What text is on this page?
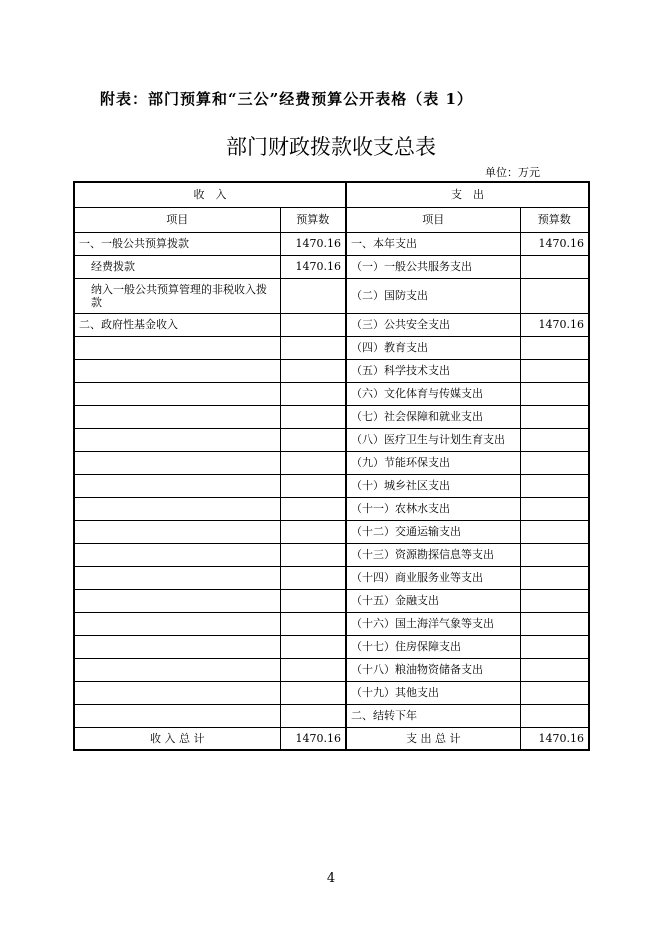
附表：部门预算和“三公”经费预算公开表格（表 1）
部门财政拨款收支总表
单位：万元
收　入		支　出	
项目	预算数	项目	预算数
一、一般公共预算拨款	1470.16	一、本年支出	1470.16
经费拨款	1470.16	（一）一般公共服务支出	
纳入一般公共预算管理的非税收入拨款		（二）国防支出	
二、政府性基金收入		（三）公共安全支出	1470.16
		（四）教育支出	
		（五）科学技术支出	
		（六）文化体育与传媒支出	
		（七）社会保障和就业支出	
		（八）医疗卫生与计划生育支出	
		（九）节能环保支出	
		（十）城乡社区支出	
		（十一）农林水支出	
		（十二）交通运输支出	
		（十三）资源勘探信息等支出	
		（十四）商业服务业等支出	
		（十五）金融支出	
		（十六）国土海洋气象等支出	
		（十七）住房保障支出	
		（十八）粮油物资储备支出	
		（十九）其他支出	
		二、结转下年	
收 入 总 计	1470.16	支 出 总 计	1470.16
4
